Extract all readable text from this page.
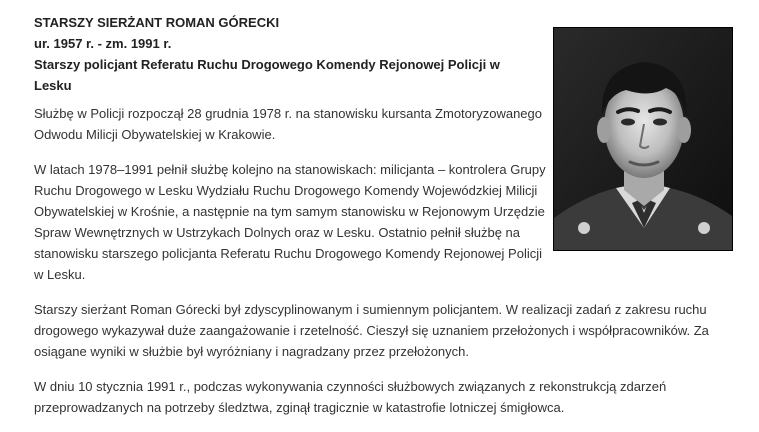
STARSZY SIERŻANT ROMAN GÓRECKI
ur. 1957 r. - zm. 1991 r.
Starszy policjant Referatu Ruchu Drogowego Komendy Rejonowej Policji w
Lesku

Służbę w Policji rozpoczął 28 grudnia 1978 r. na stanowisku kursanta Zmotoryzowanego Odwodu Milicji Obywatelskiej w Krakowie.

W latach 1978–1991 pełnił służbę kolejno na stanowiskach: milicjanta – kontrolera Grupy Ruchu Drogowego w Lesku Wydziału Ruchu Drogowego Komendy Wojewódzkiej Milicji Obywatelskiej w Krośnie, a następnie na tym samym stanowisku w Rejonowym Urzędzie Spraw Wewnętrznych w Ustrzykach Dolnych oraz w Lesku. Ostatnio pełnił służbę na stanowisku starszego policjanta Referatu Ruchu Drogowego Komendy Rejonowej Policji w Lesku.

Starszy sierżant Roman Górecki był zdyscyplinowanym i sumiennym policjantem. W realizacji zadań z zakresu ruchu drogowego wykazywał duże zaangażowanie i rzetelność. Cieszył się uznaniem przełożonych i współpracowników. Za osiągane wyniki w służbie był wyróżniany i nagradzany przez przełożonych.

W dniu 10 stycznia 1991 r., podczas wykonywania czynności służbowych związanych z rekonstrukcją zdarzeń przeprowadzanych na potrzeby śledztwa, zginął tragicznie w katastrofie lotniczej śmigłowca.
